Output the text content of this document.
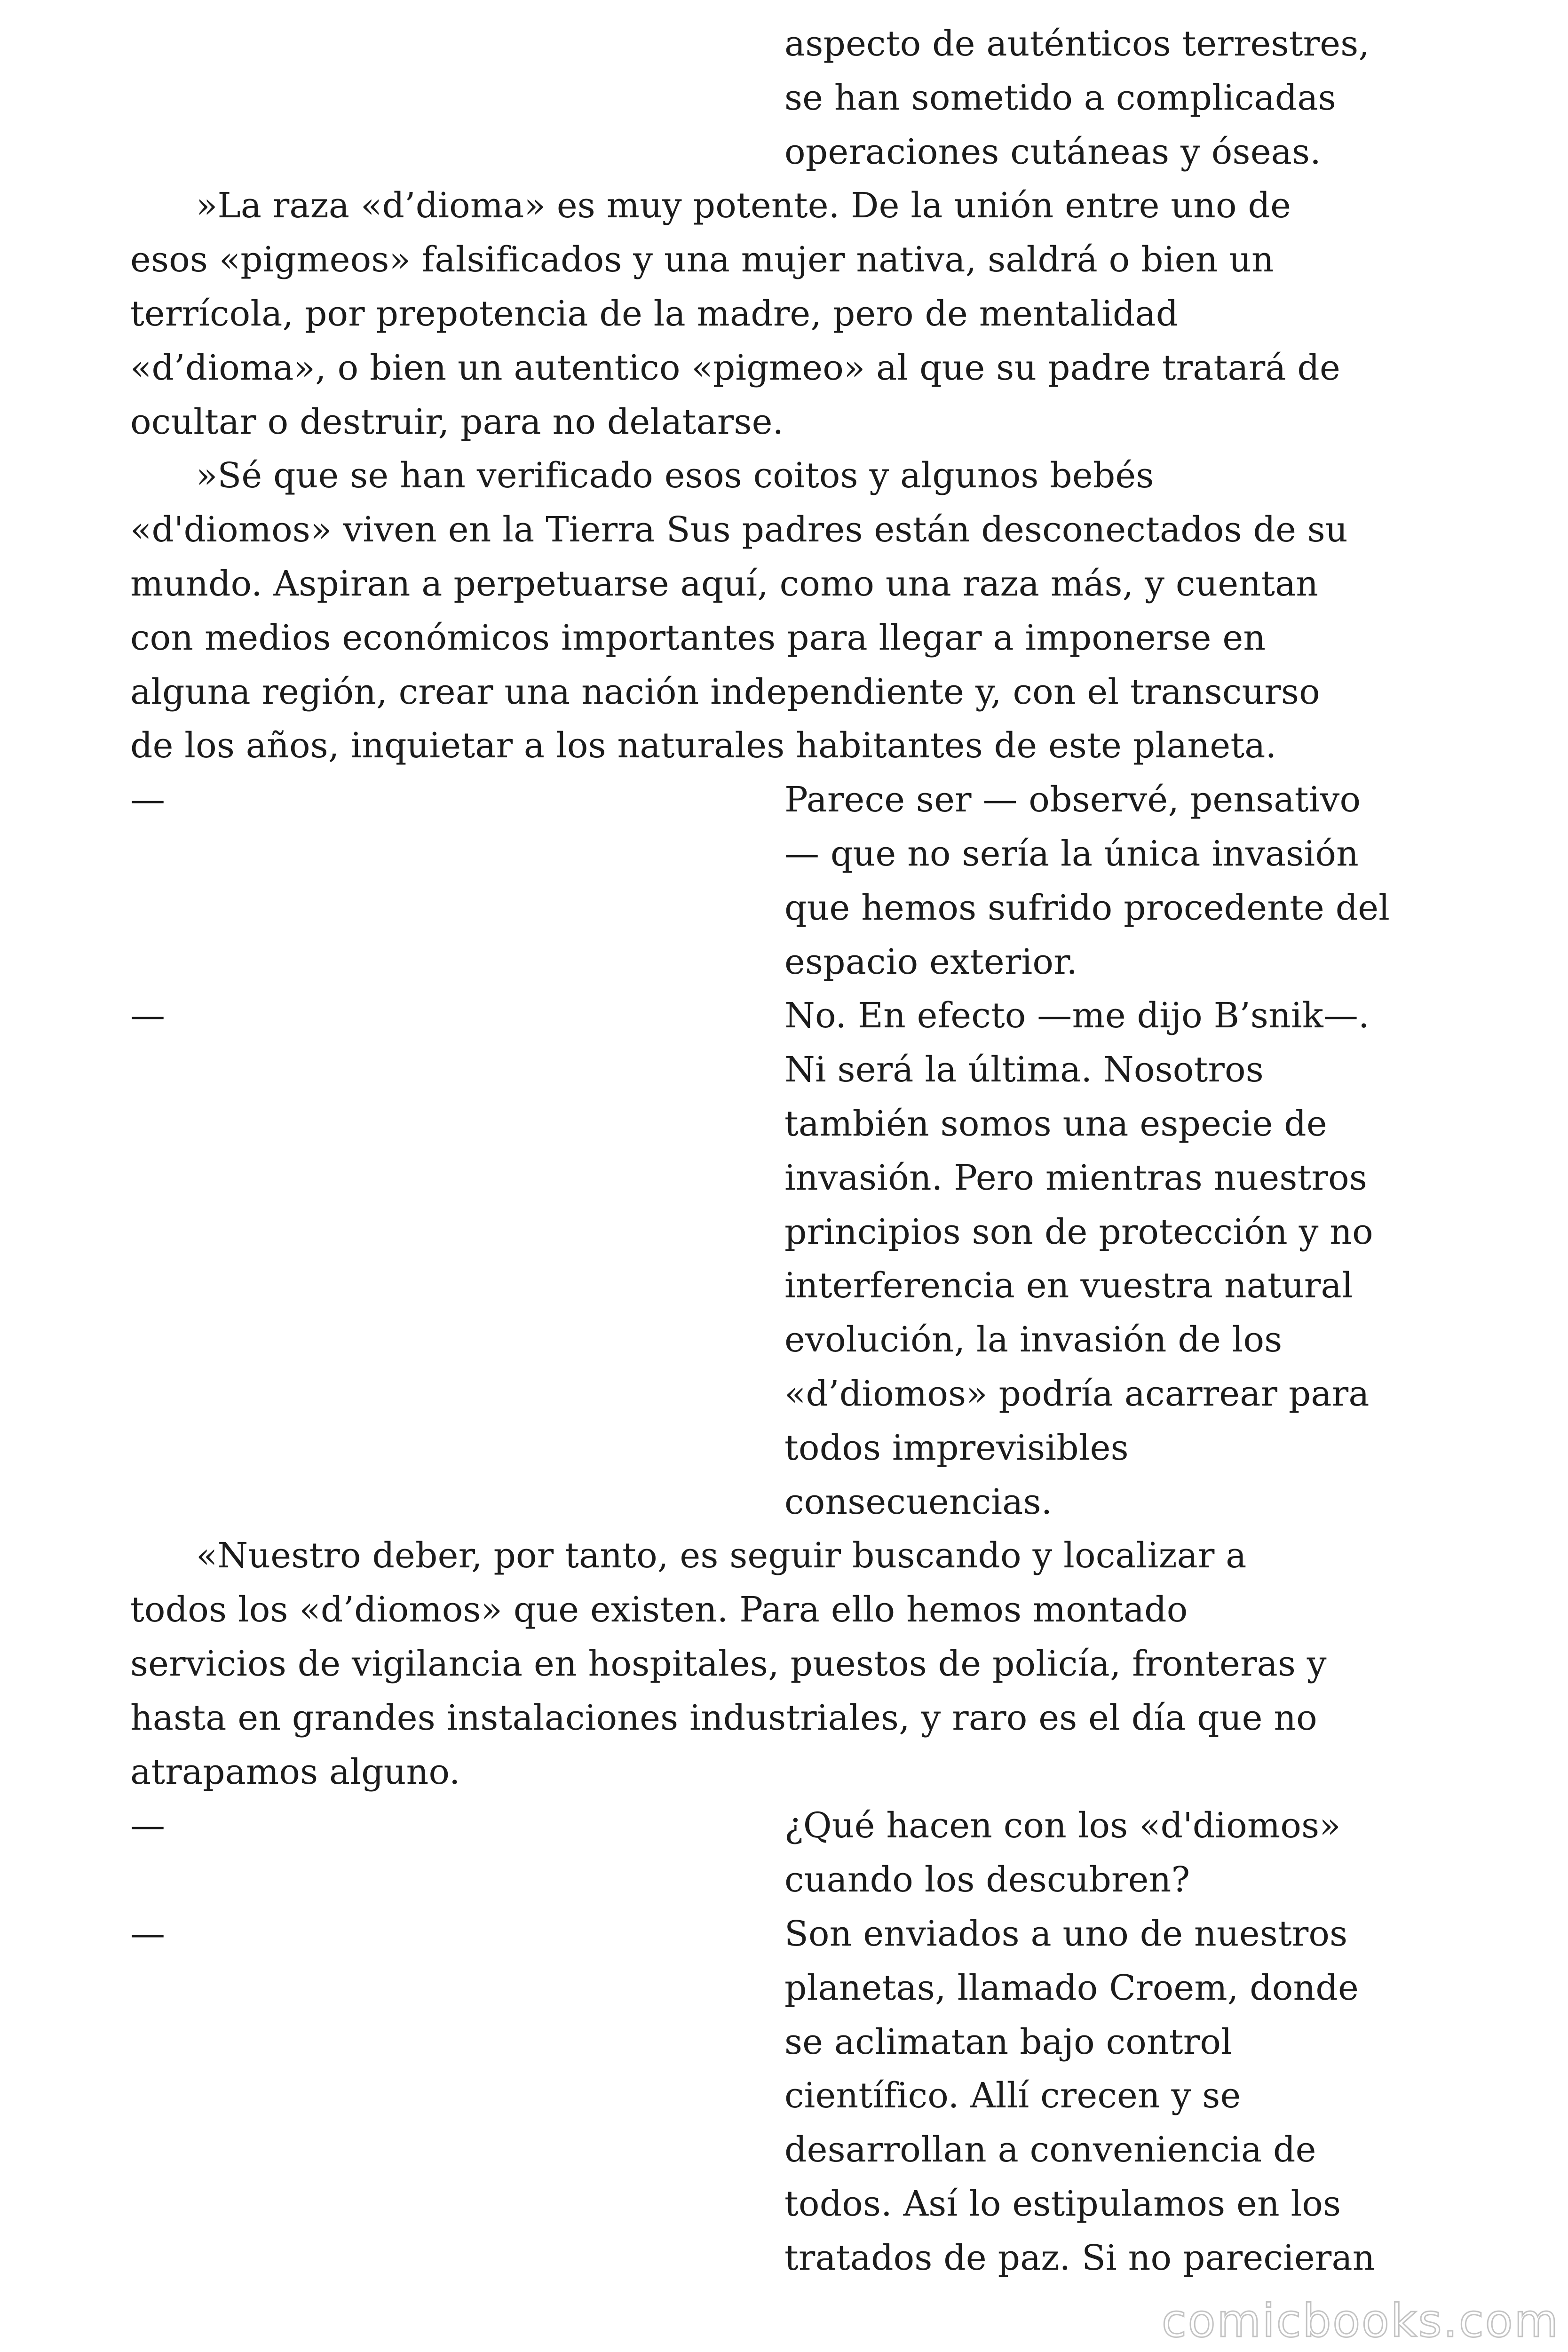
aspecto de auténticos terrestres,
se han sometido a complicadas
operaciones cutáneas y óseas.
»La raza «d’dioma» es muy potente. De la unión entre uno de
esos «pigmeos» falsificados y una mujer nativa, saldrá o bien un
terrícola, por prepotencia de la madre, pero de mentalidad
«d’dioma», o bien un autentico «pigmeo» al que su padre tratará de
ocultar o destruir, para no delatarse.
»Sé que se han verificado esos coitos y algunos bebés
«d'diomos» viven en la Tierra Sus padres están desconectados de su
mundo. Aspiran a perpetuarse aquí, como una raza más, y cuentan
con medios económicos importantes para llegar a imponerse en
alguna región, crear una nación independiente y, con el transcurso
de los años, inquietar a los naturales habitantes de este planeta.
Parece ser — observé, pensativo
—
— que no sería la única invasión
que hemos sufrido procedente del
espacio exterior.
No. En efecto —me dijo B’snik—.
—
Ni será la última. Nosotros
también somos una especie de
invasión. Pero mientras nuestros
principios son de protección y no
interferencia en vuestra natural
evolución, la invasión de los
«d’diomos» podría acarrear para
todos imprevisibles
consecuencias.
«Nuestro deber, por tanto, es seguir buscando y localizar a
todos los «d’diomos» que existen. Para ello hemos montado
servicios de vigilancia en hospitales, puestos de policía, fronteras y
hasta en grandes instalaciones industriales, y raro es el día que no
atrapamos alguno.
¿Qué hacen con los «d'diomos»
—
cuando los descubren?
Son enviados a uno de nuestros
—
planetas, llamado Croem, donde
se aclimatan bajo control
científico. Allí crecen y se
desarrollan a conveniencia de
todos. Así lo estipulamos en los
tratados de paz. Si no parecieran
comicbooks.com
